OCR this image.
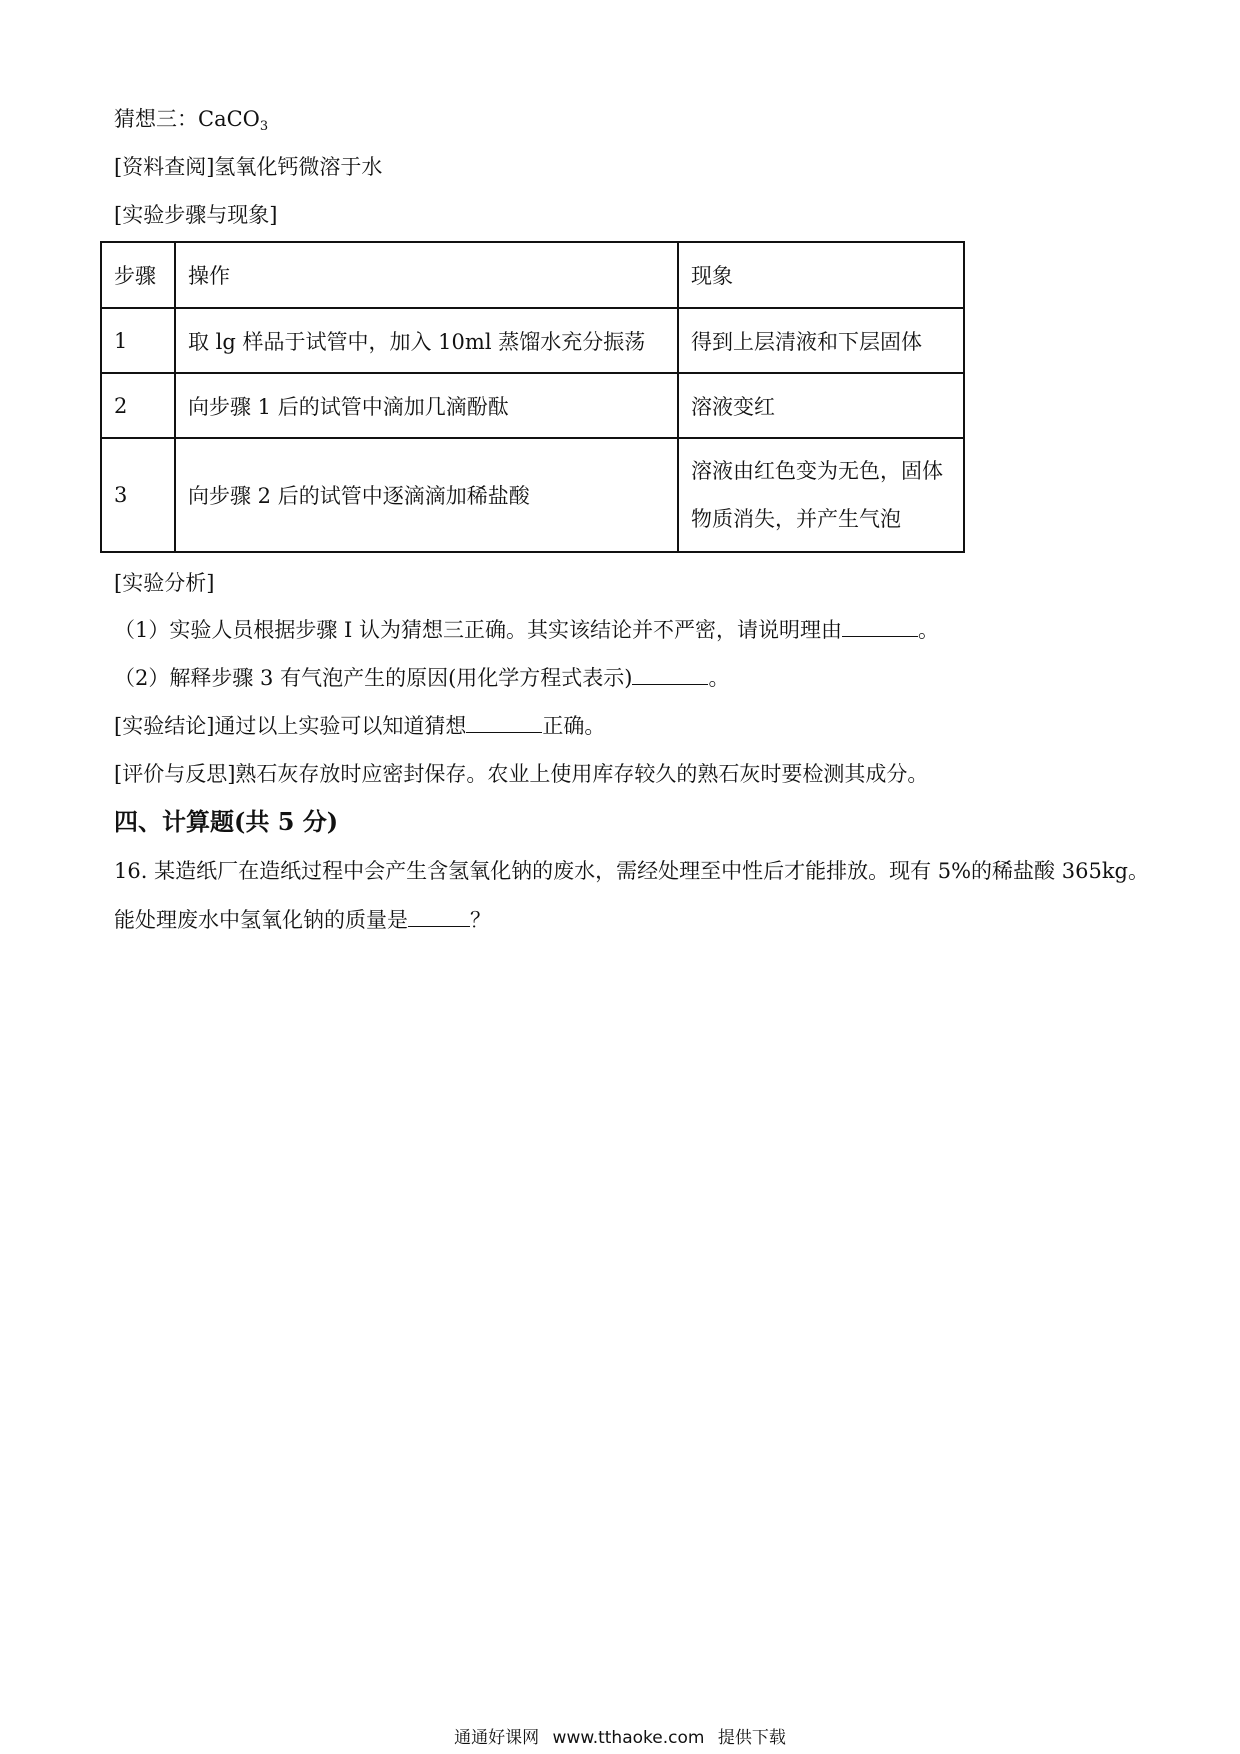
猜想三：CaCO$_3$
[资料查阅]氢氧化钙微溶于水
[实验步骤与现象]
步骤	操作	现象
1	取 lg 样品于试管中，加入 10ml 蒸馏水充分振荡	得到上层清液和下层固体
2	向步骤 1 后的试管中滴加几滴酚酞	溶液变红
3	向步骤 2 后的试管中逐滴滴加稀盐酸	溶液由红色变为无色，固体物质消失，并产生气泡
[实验分析]
（1）实验人员根据步骤 I 认为猜想三正确。其实该结论并不严密，请说明理由	。
（2）解释步骤 3 有气泡产生的原因(用化学方程式表示)	。
[实验结论]通过以上实验可以知道猜想	正确。
[评价与反思]熟石灰存放时应密封保存。农业上使用库存较久的熟石灰时要检测其成分。
四、计算题(共 5 分)
16. 某造纸厂在造纸过程中会产生含氢氧化钠的废水，需经处理至中性后才能排放。现有 5%的稀盐酸 365kg。
能处理废水中氢氧化钠的质量是	？
通通好课网 www.tthaoke.com 提供下载
